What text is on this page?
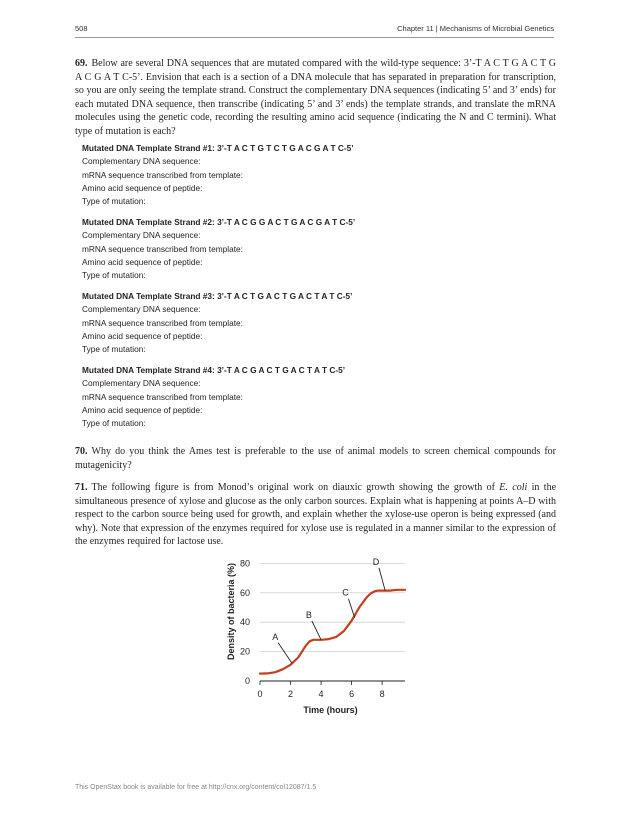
508	Chapter 11 | Mechanisms of Microbial Genetics
69. Below are several DNA sequences that are mutated compared with the wild-type sequence: 3’-T A C T G A C T G A C G A T C-5’. Envision that each is a section of a DNA molecule that has separated in preparation for transcription, so you are only seeing the template strand. Construct the complementary DNA sequences (indicating 5’ and 3’ ends) for each mutated DNA sequence, then transcribe (indicating 5’ and 3’ ends) the template strands, and translate the mRNA molecules using the genetic code, recording the resulting amino acid sequence (indicating the N and C termini). What type of mutation is each?
Mutated DNA Template Strand #1: 3’-T A C T G T C T G A C G A T C-5’
Complementary DNA sequence:
mRNA sequence transcribed from template:
Amino acid sequence of peptide:
Type of mutation:
Mutated DNA Template Strand #2: 3’-T A C G G A C T G A C G A T C-5’
Complementary DNA sequence:
mRNA sequence transcribed from template:
Amino acid sequence of peptide:
Type of mutation:
Mutated DNA Template Strand #3: 3’-T A C T G A C T G A C T A T C-5’
Complementary DNA sequence:
mRNA sequence transcribed from template:
Amino acid sequence of peptide:
Type of mutation:
Mutated DNA Template Strand #4: 3’-T A C G A C T G A C T A T C-5’
Complementary DNA sequence:
mRNA sequence transcribed from template:
Amino acid sequence of peptide:
Type of mutation:
70. Why do you think the Ames test is preferable to the use of animal models to screen chemical compounds for mutagenicity?
71. The following figure is from Monod’s original work on diauxic growth showing the growth of E. coli in the simultaneous presence of xylose and glucose as the only carbon sources. Explain what is happening at points A–D with respect to the carbon source being used for growth, and explain whether the xylose-use operon is being expressed (and why). Note that expression of the enzymes required for xylose use is regulated in a manner similar to the expression of the enzymes required for lactose use.
0
20
40
60
80
0	2	4	6	8
A
B
C
D
Time (hours)
Density of bacteria (%)
This OpenStax book is available for free at http://cnx.org/content/col12087/1.5
